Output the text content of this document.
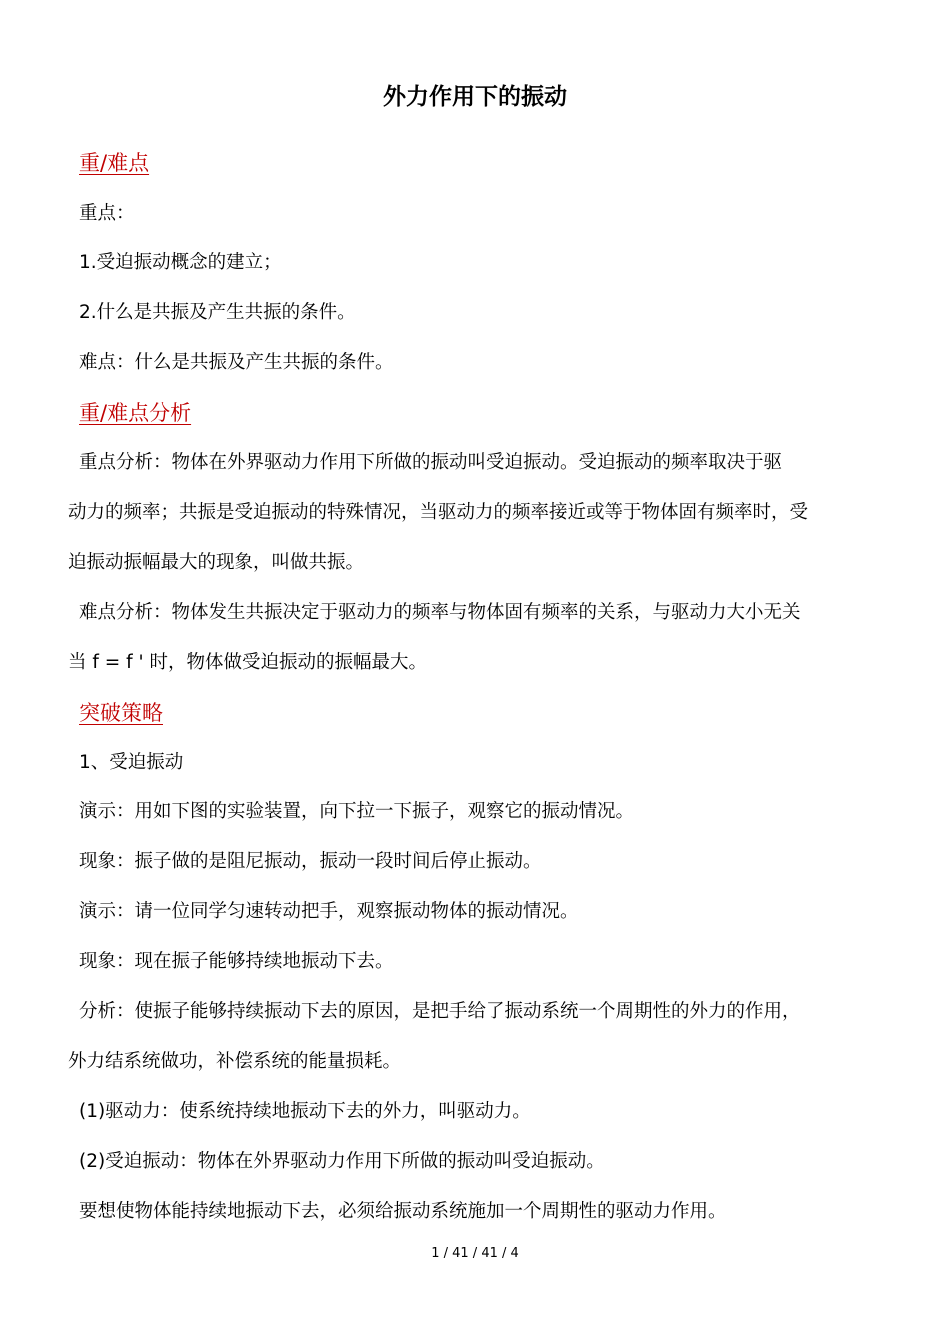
外力作用下的振动
重/难点
重点：
1.受迫振动概念的建立；
2.什么是共振及产生共振的条件。
难点：什么是共振及产生共振的条件。
重/难点分析
重点分析：物体在外界驱动力作用下所做的振动叫受迫振动。受迫振动的频率取决于驱
动力的频率；共振是受迫振动的特殊情况，当驱动力的频率接近或等于物体固有频率时，受
迫振动振幅最大的现象，叫做共振。
难点分析：物体发生共振决定于驱动力的频率与物体固有频率的关系，与驱动力大小无关
当 f = f ' 时，物体做受迫振动的振幅最大。
突破策略
1、受迫振动
演示：用如下图的实验装置，向下拉一下振子，观察它的振动情况。
现象：振子做的是阻尼振动，振动一段时间后停止振动。
演示：请一位同学匀速转动把手，观察振动物体的振动情况。
现象：现在振子能够持续地振动下去。
分析：使振子能够持续振动下去的原因，是把手给了振动系统一个周期性的外力的作用，
外力结系统做功，补偿系统的能量损耗。
(1)驱动力：使系统持续地振动下去的外力，叫驱动力。
(2)受迫振动：物体在外界驱动力作用下所做的振动叫受迫振动。
要想使物体能持续地振动下去，必须给振动系统施加一个周期性的驱动力作用。
1 / 41 / 41 / 4
